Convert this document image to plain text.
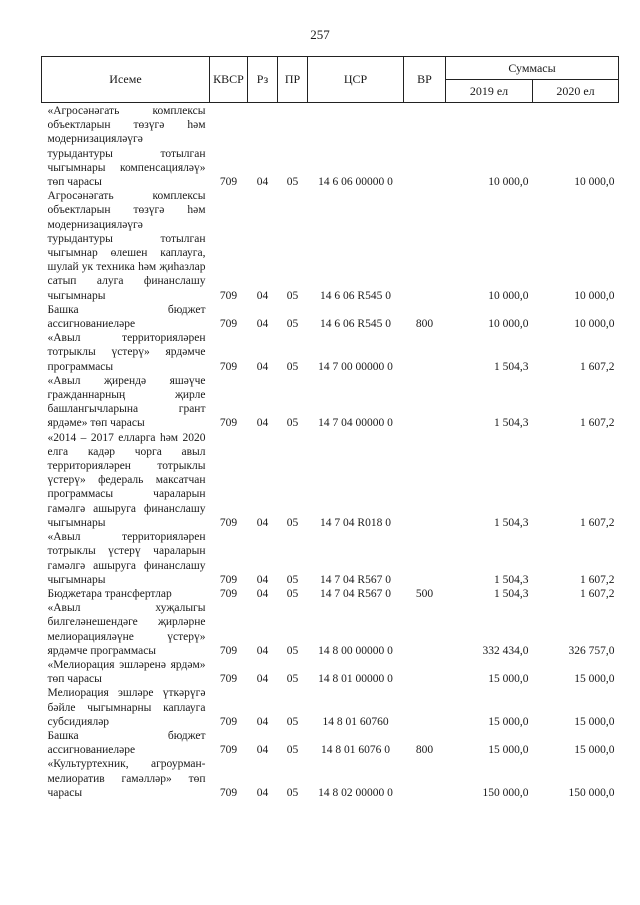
257
Исеме	КВСР	Рз	ПР	ЦСР	ВР	Суммасы	
						2019 ел	2020 ел
«Агросәнәгать комплексы объектларын төзүгә һәм модернизацияләүгә турыдантуры тотылган чыгымнары компенсацияләү» төп чарасы	709	04	05	14 6 06 00000 0		10 000,0	10 000,0
Агросәнәгать комплексы объектларын төзүгә һәм модернизацияләүгә турыдантуры тотылган чыгымнар өлешен каплауга, шулай ук техника һәм җиһазлар сатып алуга финанслашу чыгымнары	709	04	05	14 6 06 R545 0		10 000,0	10 000,0
Башка бюджет ассигнованиеләре	709	04	05	14 6 06 R545 0	800	10 000,0	10 000,0
«Авыл территорияләрен тотрыклы үстерү» ярдәмче программасы	709	04	05	14 7 00 00000 0		1 504,3	1 607,2
«Авыл җирендә яшәүче гражданнарның җирле башлангычларына грант ярдәме» төп чарасы	709	04	05	14 7 04 00000 0		1 504,3	1 607,2
«2014 – 2017 елларга һәм 2020 елга кадәр чорга авыл территорияләрен тотрыклы үстерү» федераль максатчан программасы чараларын гамәлгә ашыруга финанслашу чыгымнары	709	04	05	14 7 04 R018 0		1 504,3	1 607,2
«Авыл территорияләрен тотрыклы үстерү чараларын гамәлгә ашыруга финанслашу чыгымнары	709	04	05	14 7 04 R567 0		1 504,3	1 607,2
Бюджетара трансфертлар	709	04	05	14 7 04 R567 0	500	1 504,3	1 607,2
«Авыл хуҗалыгы билгеләнешендәге җирләрне мелиорацияләүне үстерү» ярдәмче программасы	709	04	05	14 8 00 00000 0		332 434,0	326 757,0
«Мелиорация эшләренә ярдәм» төп чарасы	709	04	05	14 8 01 00000 0		15 000,0	15 000,0
Мелиорация эшләре үткәрүгә бәйле чыгымнарны каплауга субсидияләр	709	04	05	14 8 01 60760		15 000,0	15 000,0
Башка бюджет ассигнованиеләре	709	04	05	14 8 01 6076 0	800	15 000,0	15 000,0
«Культуртехник, агроурман-мелиоратив гамәлләр» төп чарасы	709	04	05	14 8 02 00000 0		150 000,0	150 000,0
